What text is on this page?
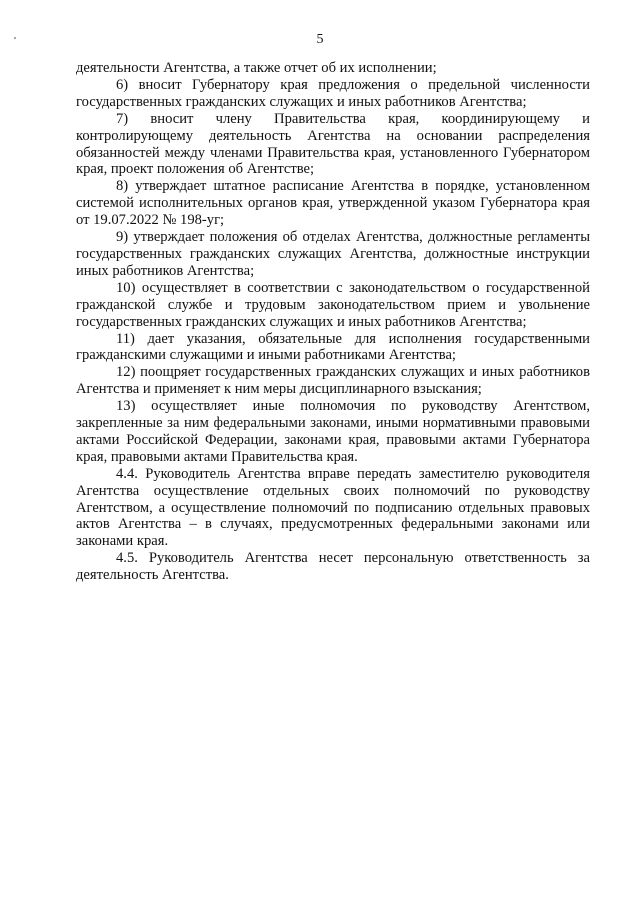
5

деятельности Агентства, а также отчет об их исполнении;

6) вносит Губернатору края предложения о предельной численности государственных гражданских служащих и иных работников Агентства;

7) вносит члену Правительства края, координирующему и контролирующему деятельность Агентства на основании распределения обязанностей между членами Правительства края, установленного Губернатором края, проект положения об Агентстве;

8) утверждает штатное расписание Агентства в порядке, установленном системой исполнительных органов края, утвержденной указом Губернатора края от 19.07.2022 № 198-уг;

9) утверждает положения об отделах Агентства, должностные регламенты государственных гражданских служащих Агентства, должностные инструкции иных работников Агентства;

10) осуществляет в соответствии с законодательством о государственной гражданской службе и трудовым законодательством прием и увольнение государственных гражданских служащих и иных работников Агентства;

11) дает указания, обязательные для исполнения государственными гражданскими служащими и иными работниками Агентства;

12) поощряет государственных гражданских служащих и иных работников Агентства и применяет к ним меры дисциплинарного взыскания;

13) осуществляет иные полномочия по руководству Агентством, закрепленные за ним федеральными законами, иными нормативными правовыми актами Российской Федерации, законами края, правовыми актами Губернатора края, правовыми актами Правительства края.

4.4. Руководитель Агентства вправе передать заместителю руководителя Агентства осуществление отдельных своих полномочий по руководству Агентством, а осуществление полномочий по подписанию отдельных правовых актов Агентства – в случаях, предусмотренных федеральными законами или законами края.

4.5. Руководитель Агентства несет персональную ответственность за деятельность Агентства.
